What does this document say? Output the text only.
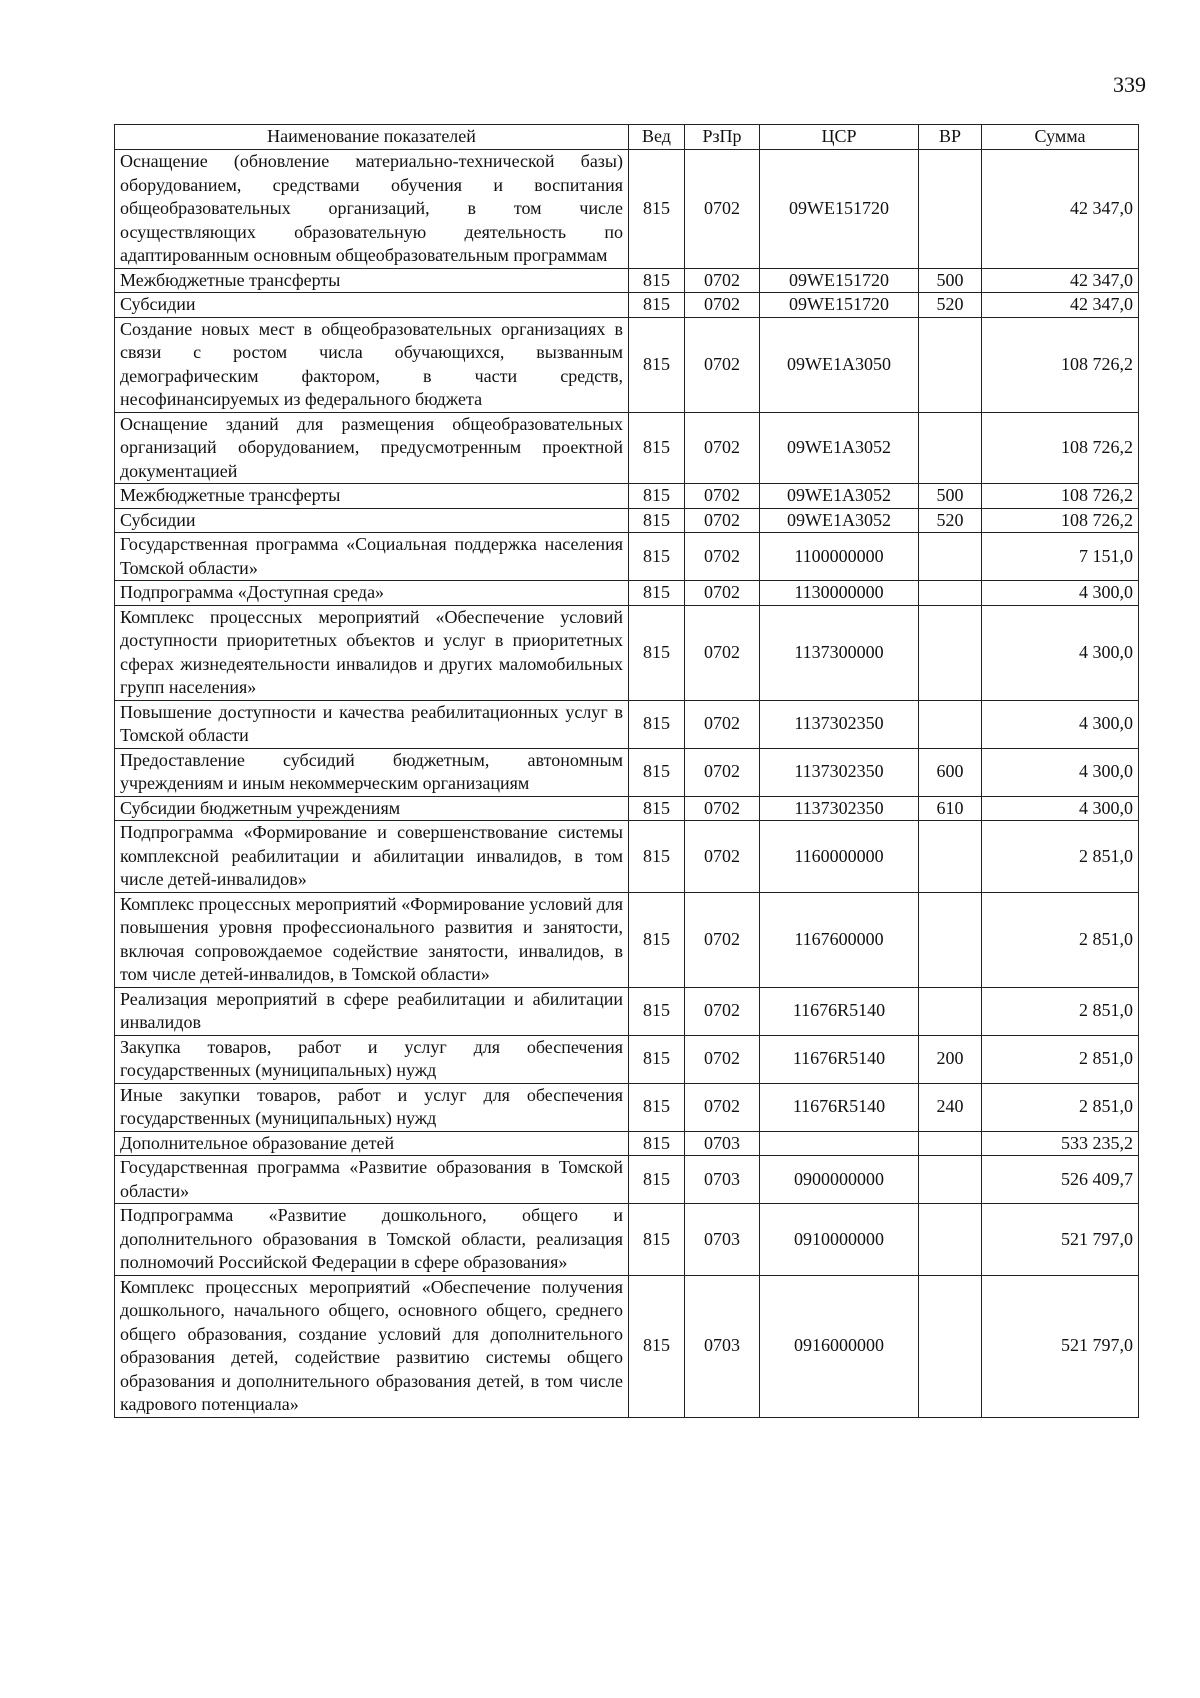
339
Наименование показателей	Вед	РзПр	ЦСР	ВР	Сумма
Оснащение (обновление материально-технической базы) оборудованием, средствами обучения и воспитания общеобразовательных организаций, в том числе осуществляющих образовательную деятельность по адаптированным основным общеобразовательным программам	815	0702	09WE151720		42 347,0
Межбюджетные трансферты	815	0702	09WE151720	500	42 347,0
Субсидии	815	0702	09WE151720	520	42 347,0
Создание новых мест в общеобразовательных организациях в связи с ростом числа обучающихся, вызванным демографическим фактором, в части средств, несофинансируемых из федерального бюджета	815	0702	09WE1A3050		108 726,2
Оснащение зданий для размещения общеобразовательных организаций оборудованием, предусмотренным проектной документацией	815	0702	09WE1A3052		108 726,2
Межбюджетные трансферты	815	0702	09WE1A3052	500	108 726,2
Субсидии	815	0702	09WE1A3052	520	108 726,2
Государственная программа «Социальная поддержка населения Томской области»	815	0702	1100000000		7 151,0
Подпрограмма «Доступная среда»	815	0702	1130000000		4 300,0
Комплекс процессных мероприятий «Обеспечение условий доступности приоритетных объектов и услуг в приоритетных сферах жизнедеятельности инвалидов и других маломобильных групп населения»	815	0702	1137300000		4 300,0
Повышение доступности и качества реабилитационных услуг в Томской области	815	0702	1137302350		4 300,0
Предоставление субсидий бюджетным, автономным учреждениям и иным некоммерческим организациям	815	0702	1137302350	600	4 300,0
Субсидии бюджетным учреждениям	815	0702	1137302350	610	4 300,0
Подпрограмма «Формирование и совершенствование системы комплексной реабилитации и абилитации инвалидов, в том числе детей-инвалидов»	815	0702	1160000000		2 851,0
Комплекс процессных мероприятий «Формирование условий для повышения уровня профессионального развития и занятости, включая сопровождаемое содействие занятости, инвалидов, в том числе детей-инвалидов, в Томской области»	815	0702	1167600000		2 851,0
Реализация мероприятий в сфере реабилитации и абилитации инвалидов	815	0702	11676R5140		2 851,0
Закупка товаров, работ и услуг для обеспечения государственных (муниципальных) нужд	815	0702	11676R5140	200	2 851,0
Иные закупки товаров, работ и услуг для обеспечения государственных (муниципальных) нужд	815	0702	11676R5140	240	2 851,0
Дополнительное образование детей	815	0703			533 235,2
Государственная программа «Развитие образования в Томской области»	815	0703	0900000000		526 409,7
Подпрограмма «Развитие дошкольного, общего и дополнительного образования в Томской области, реализация полномочий Российской Федерации в сфере образования»	815	0703	0910000000		521 797,0
Комплекс процессных мероприятий «Обеспечение получения дошкольного, начального общего, основного общего, среднего общего образования, создание условий для дополнительного образования детей, содействие развитию системы общего образования и дополнительного образования детей, в том числе кадрового потенциала»	815	0703	0916000000		521 797,0
